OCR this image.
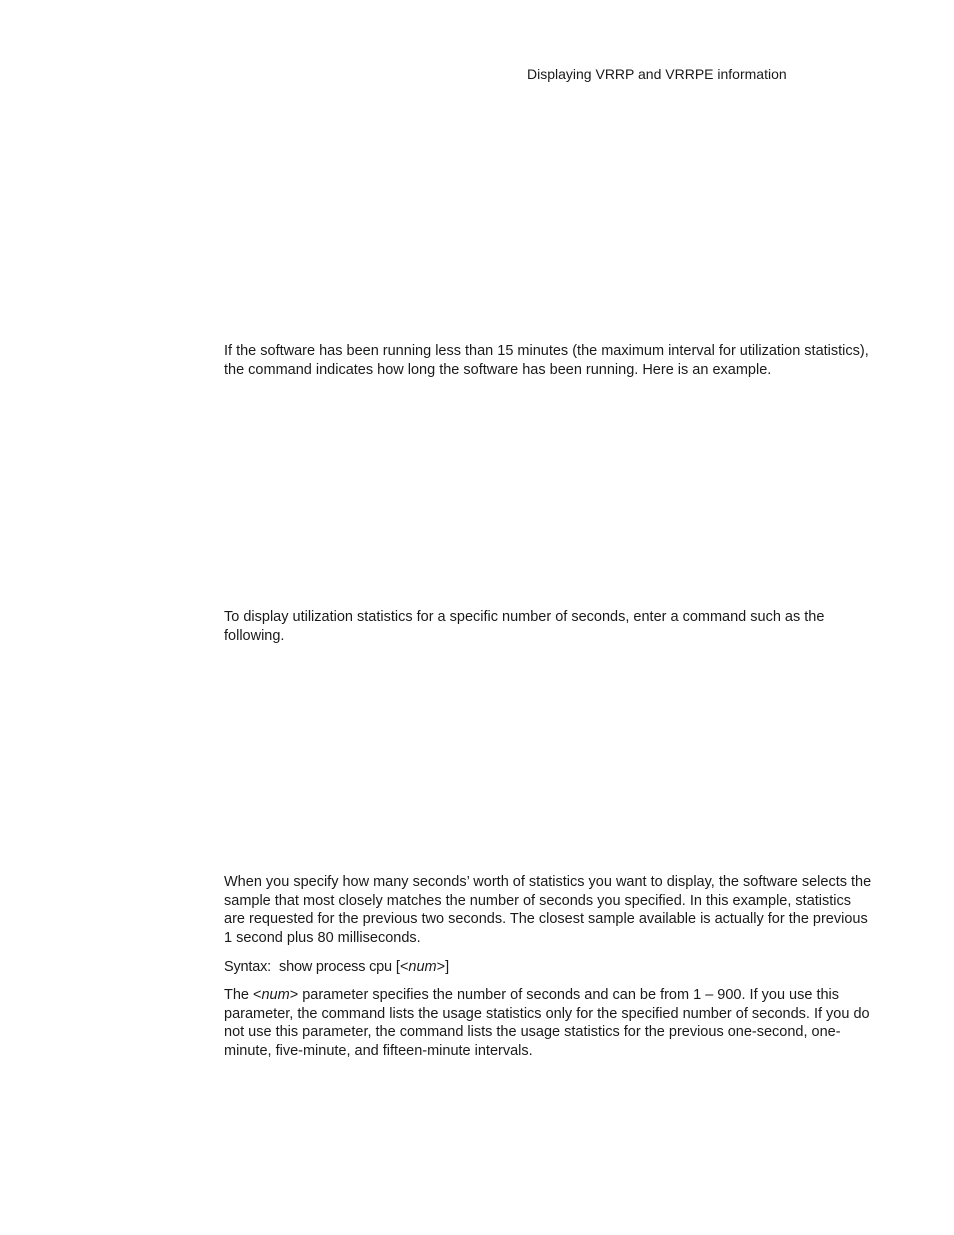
Displaying VRRP and VRRPE information

If the software has been running less than 15 minutes (the maximum interval for utilization statistics), the command indicates how long the software has been running. Here is an example.

To display utilization statistics for a specific number of seconds, enter a command such as the following.

When you specify how many seconds’ worth of statistics you want to display, the software selects the sample that most closely matches the number of seconds you specified. In this example, statistics are requested for the previous two seconds. The closest sample available is actually for the previous 1 second plus 80 milliseconds.

Syntax: show process cpu [<num>]

The <num> parameter specifies the number of seconds and can be from 1 – 900. If you use this parameter, the command lists the usage statistics only for the specified number of seconds. If you do not use this parameter, the command lists the usage statistics for the previous one-second, one-minute, five-minute, and fifteen-minute intervals.
